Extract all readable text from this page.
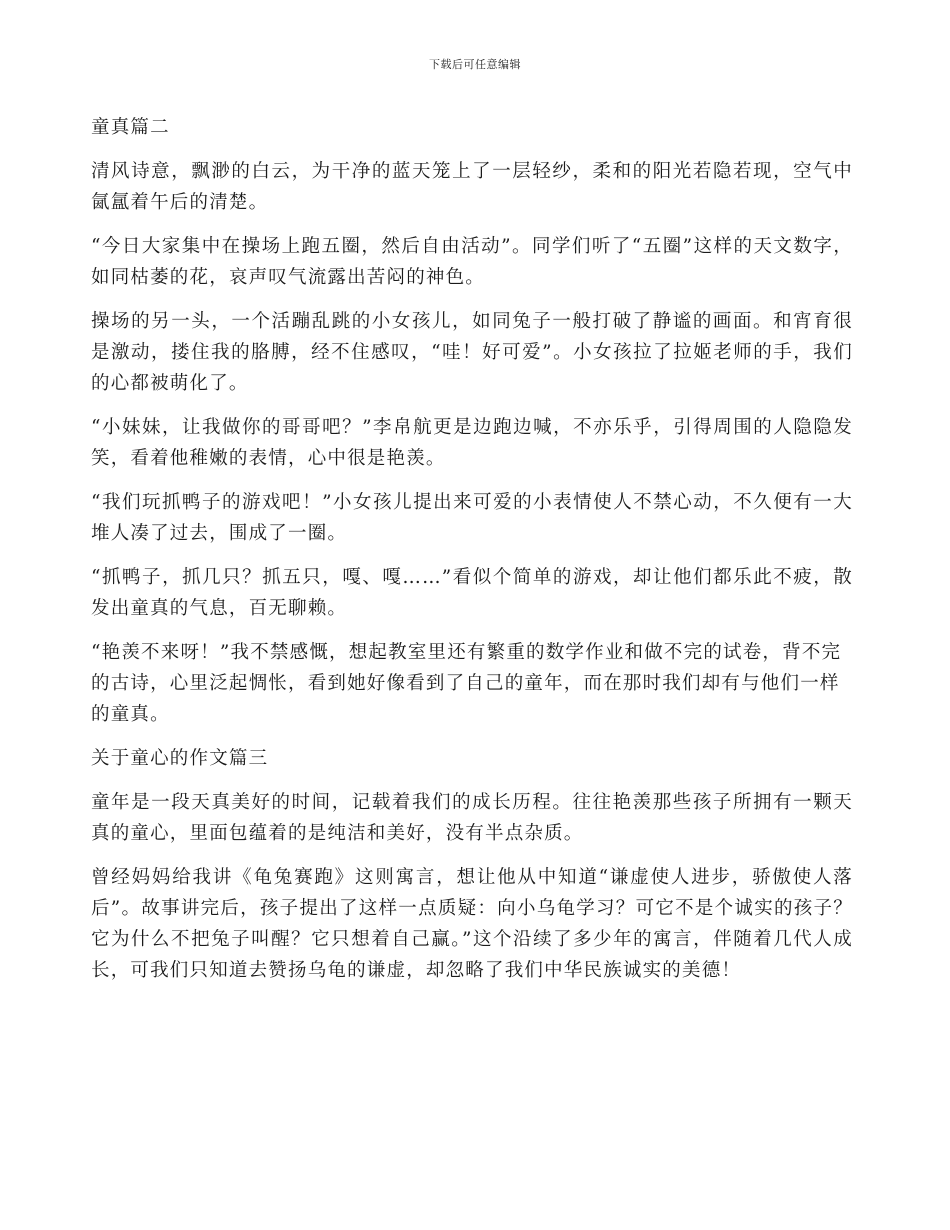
下载后可任意编辑

童真篇二

清风诗意，飘渺的白云，为干净的蓝天笼上了一层轻纱，柔和的阳光若隐若现，空气中氤氲着午后的清楚。

“今日大家集中在操场上跑五圈，然后自由活动”。同学们听了“五圈”这样的天文数字，如同枯萎的花，哀声叹气流露出苦闷的神色。

操场的另一头，一个活蹦乱跳的小女孩儿，如同兔子一般打破了静谧的画面。和宵育很是激动，搂住我的胳膊，经不住感叹，“哇！好可爱”。小女孩拉了拉姬老师的手，我们的心都被萌化了。

“小妹妹，让我做你的哥哥吧？”李帛航更是边跑边喊，不亦乐乎，引得周围的人隐隐发笑，看着他稚嫩的表情，心中很是艳羡。

“我们玩抓鸭子的游戏吧！”小女孩儿提出来可爱的小表情使人不禁心动，不久便有一大堆人凑了过去，围成了一圈。

“抓鸭子，抓几只？抓五只，嘎、嘎……”看似个简单的游戏，却让他们都乐此不疲，散发出童真的气息，百无聊赖。

“艳羡不来呀！”我不禁感慨，想起教室里还有繁重的数学作业和做不完的试卷，背不完的古诗，心里泛起惆怅，看到她好像看到了自己的童年，而在那时我们却有与他们一样的童真。

关于童心的作文篇三

童年是一段天真美好的时间，记载着我们的成长历程。往往艳羡那些孩子所拥有一颗天真的童心，里面包蕴着的是纯洁和美好，没有半点杂质。

曾经妈妈给我讲《龟兔赛跑》这则寓言，想让他从中知道“谦虚使人进步，骄傲使人落后”。故事讲完后，孩子提出了这样一点质疑：向小乌龟学习？可它不是个诚实的孩子？它为什么不把兔子叫醒？它只想着自己赢。”这个沿续了多少年的寓言，伴随着几代人成长，可我们只知道去赞扬乌龟的谦虚，却忽略了我们中华民族诚实的美德！
